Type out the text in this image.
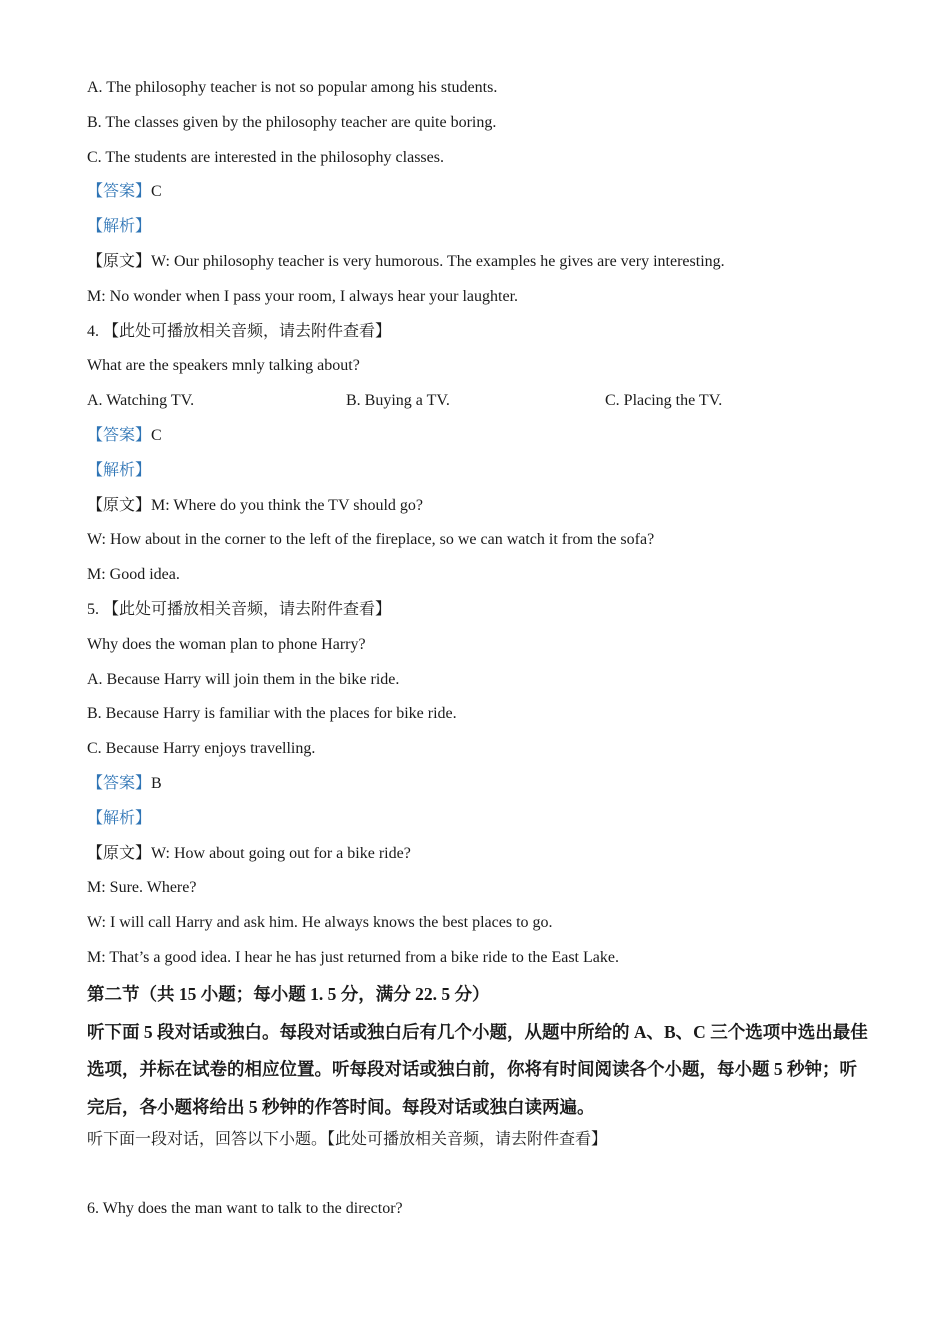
A. The philosophy teacher is not so popular among his students.
B. The classes given by the philosophy teacher are quite boring.
C. The students are interested in the philosophy classes.
【答案】C
【解析】
【原文】W: Our philosophy teacher is very humorous. The examples he gives are very interesting.
M: No wonder when I pass your room, I always hear your laughter.
4. 【此处可播放相关音频，请去附件查看】
What are the speakers mnly talking about?
A. Watching TV.	B. Buying a TV.	C. Placing the TV.
【答案】C
【解析】
【原文】M: Where do you think the TV should go?
W: How about in the corner to the left of the fireplace, so we can watch it from the sofa?
M: Good idea.
5. 【此处可播放相关音频，请去附件查看】
Why does the woman plan to phone Harry?
A. Because Harry will join them in the bike ride.
B. Because Harry is familiar with the places for bike ride.
C. Because Harry enjoys travelling.
【答案】B
【解析】
【原文】W: How about going out for a bike ride?
M: Sure. Where?
W: I will call Harry and ask him. He always knows the best places to go.
M: That’s a good idea. I hear he has just returned from a bike ride to the East Lake.
第二节（共 15 小题；每小题 1. 5 分，满分 22. 5 分）
听下面 5 段对话或独白。每段对话或独白后有几个小题，从题中所给的 A、B、C 三个选项中选出最佳选项，并标在试卷的相应位置。听每段对话或独白前，你将有时间阅读各个小题，每小题 5 秒钟；听完后，各小题将给出 5 秒钟的作答时间。每段对话或独白读两遍。
听下面一段对话，回答以下小题。【此处可播放相关音频，请去附件查看】
6. Why does the man want to talk to the director?
